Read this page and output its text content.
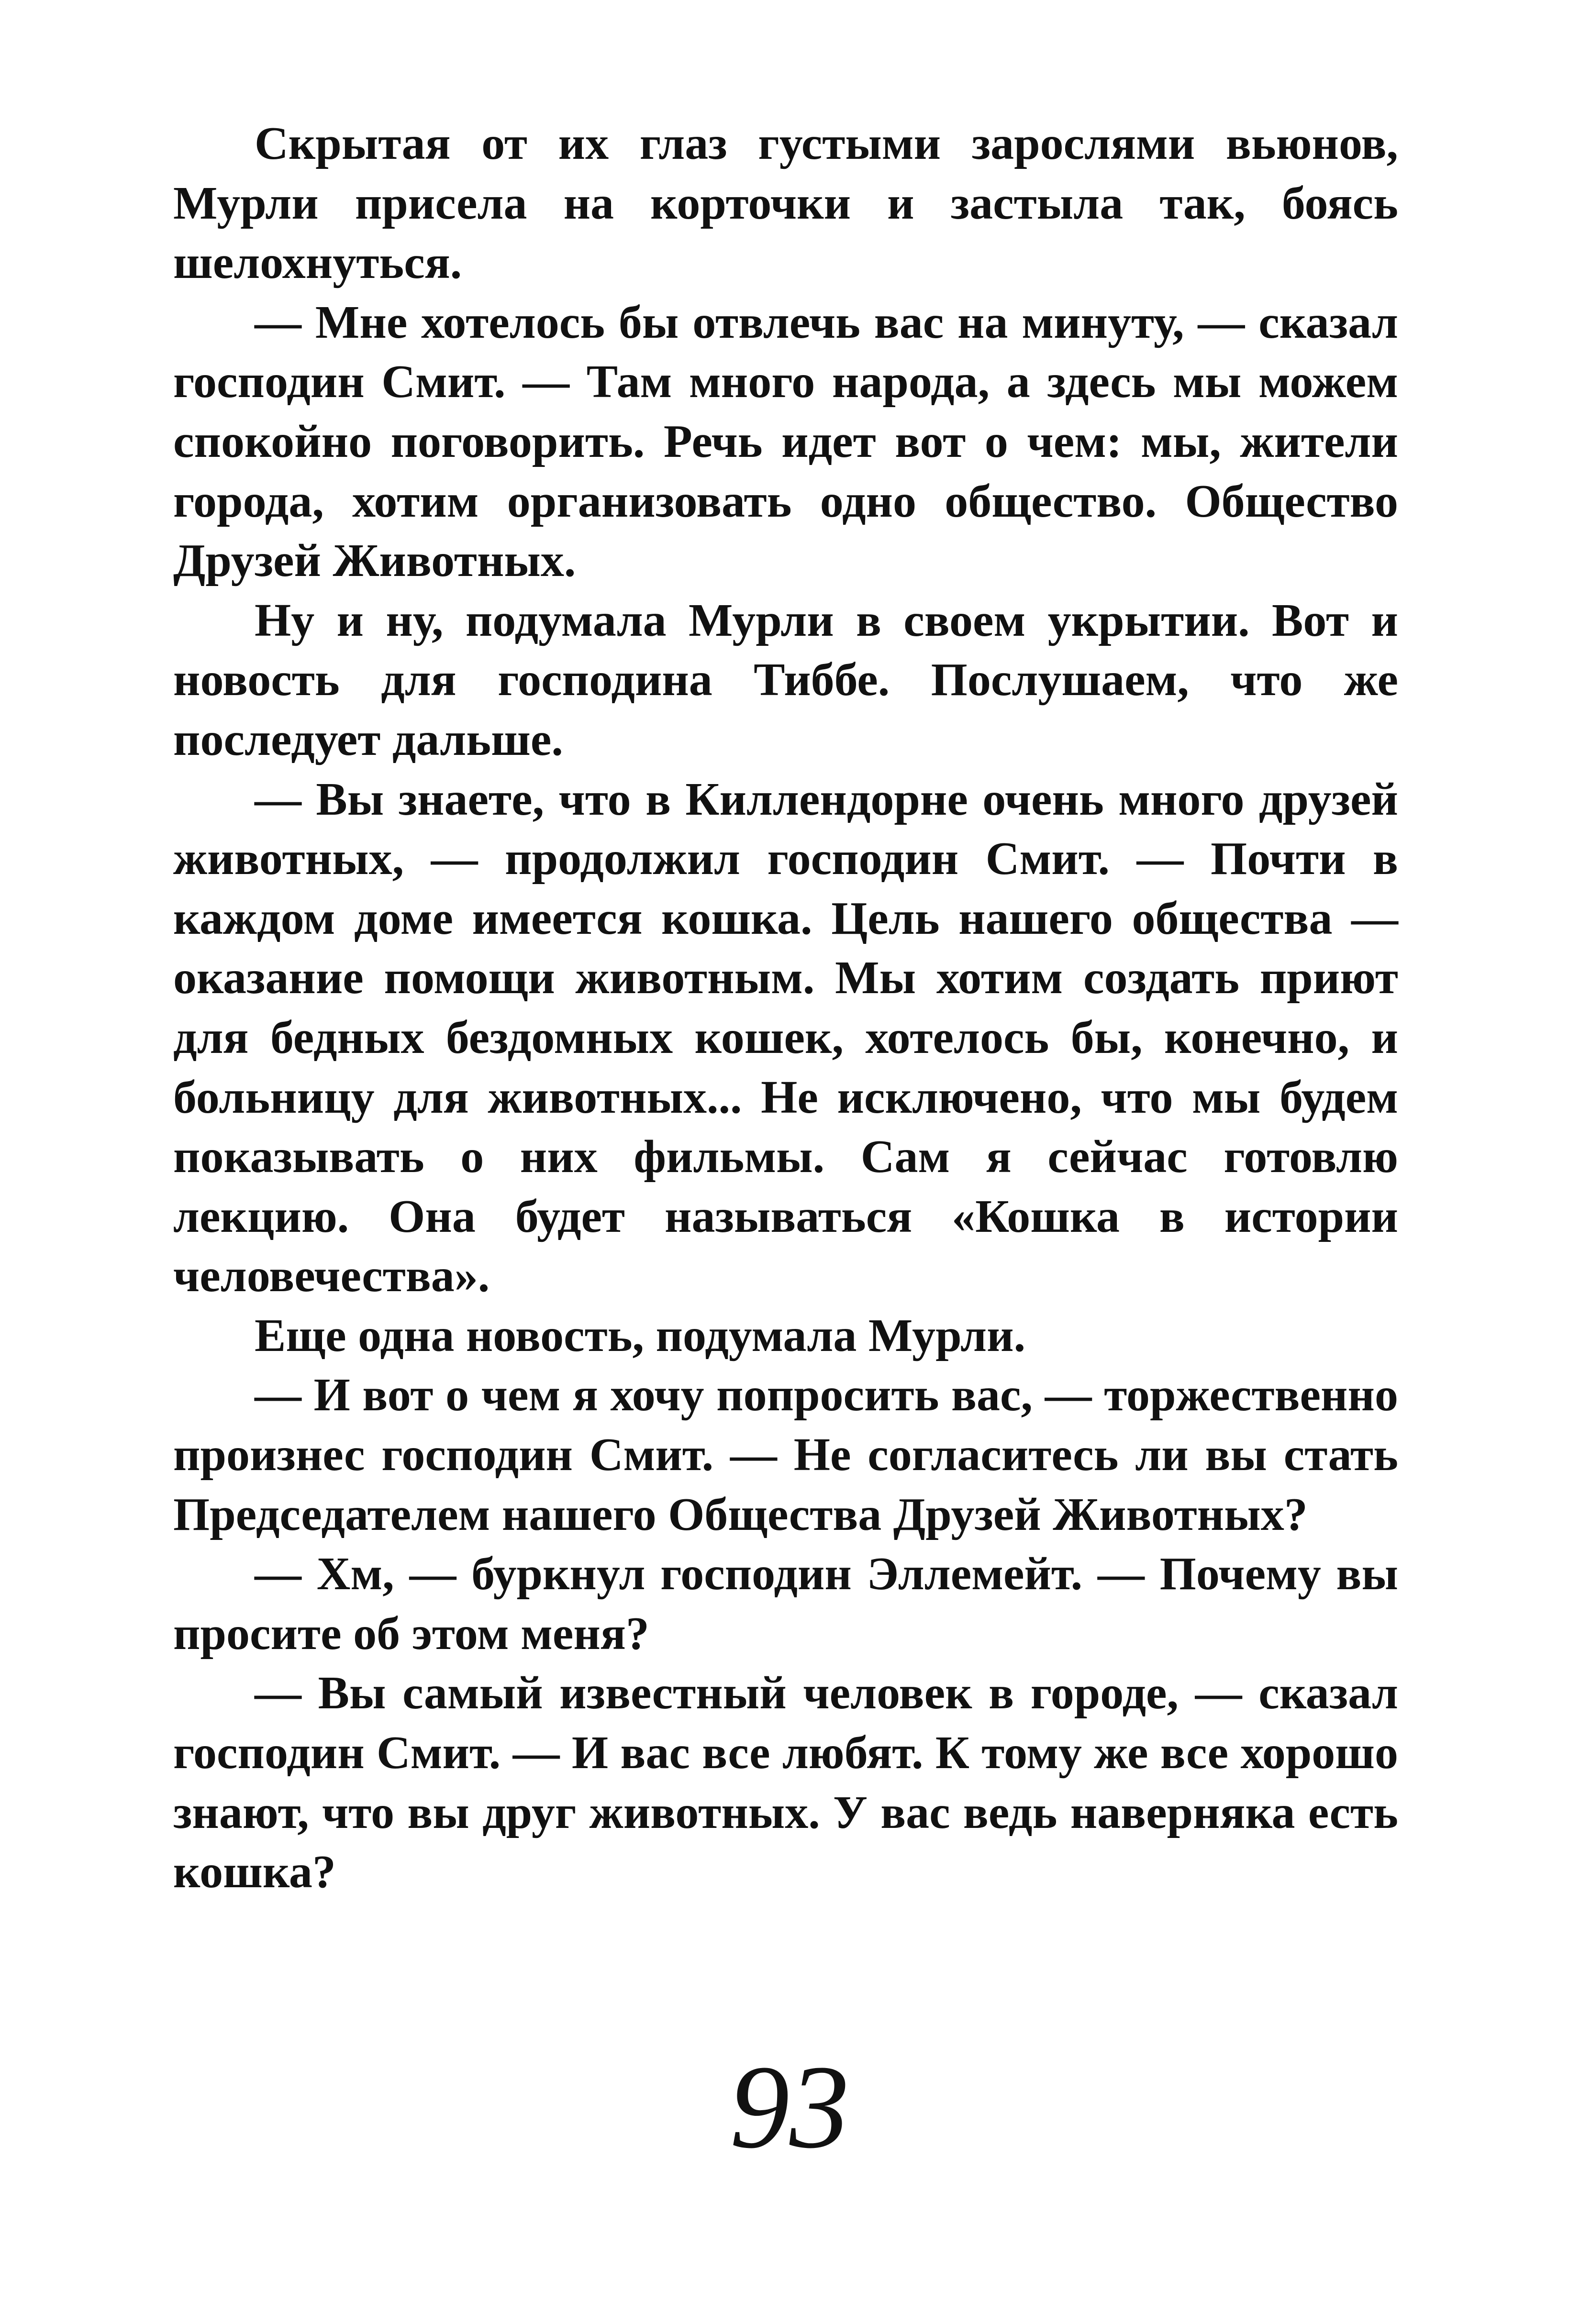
Скрытая от их глаз густыми зарослями вьюнов, Мурли присела на корточки и застыла так, боясь шелохнуться.

— Мне хотелось бы отвлечь вас на минуту, — сказал господин Смит. — Там много народа, а здесь мы можем спокойно поговорить. Речь идет вот о чем: мы, жители города, хотим организовать одно общество. Общество Друзей Животных.

Ну и ну, подумала Мурли в своем укрытии. Вот и новость для господина Тиббе. Послушаем, что же последует дальше.

— Вы знаете, что в Киллендорне очень много друзей животных, — продолжил господин Смит. — Почти в каждом доме имеется кошка. Цель нашего общества — оказание помощи животным. Мы хотим создать приют для бедных бездомных кошек, хотелось бы, конечно, и больницу для животных... Не исключено, что мы будем показывать о них фильмы. Сам я сейчас готовлю лекцию. Она будет называться «Кошка в истории человечества».

Еще одна новость, подумала Мурли.

— И вот о чем я хочу попросить вас, — торжественно произнес господин Смит. — Не согласитесь ли вы стать Председателем нашего Общества Друзей Животных?

— Хм, — буркнул господин Эллемейт. — Почему вы просите об этом меня?

— Вы самый известный человек в городе, — сказал господин Смит. — И вас все любят. К тому же все хорошо знают, что вы друг животных. У вас ведь наверняка есть кошка?

93
